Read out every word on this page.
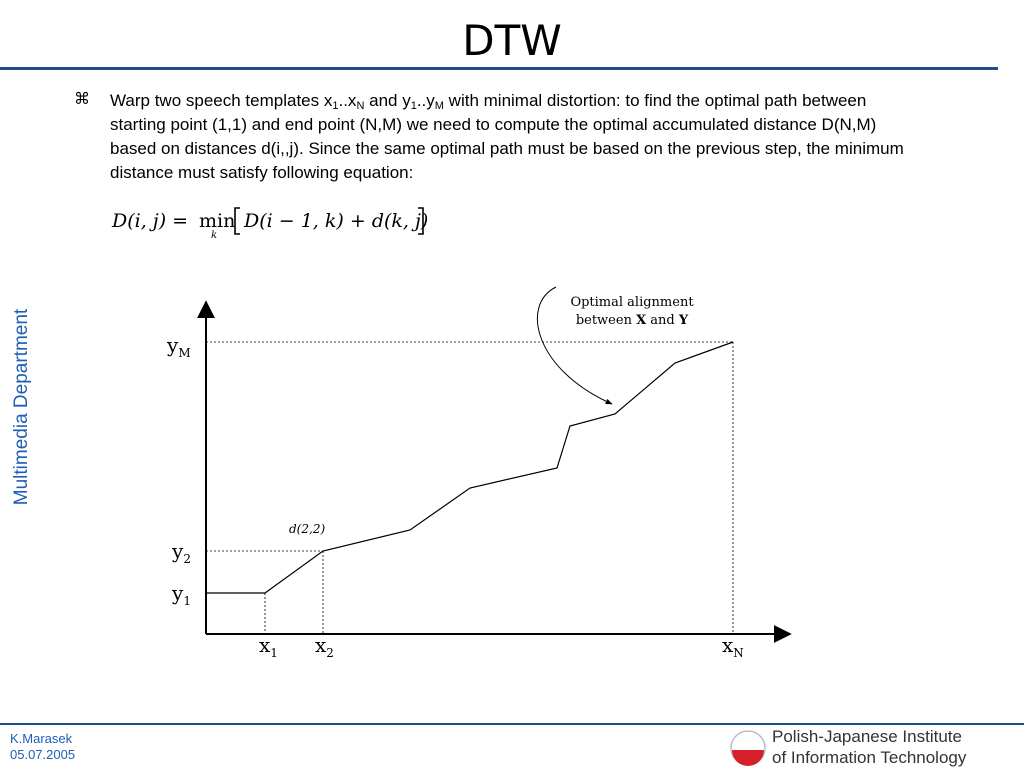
DTW
⌘ Warp two speech templates $x_1..x_N$ and $y_1..y_M$ with minimal distortion: to find the optimal path between starting point (1,1) and end point (N,M) we need to compute the optimal accumulated distance D(N,M) based on distances d(i,,j). Since the same optimal path must be based on the previous step, the minimum distance must satisfy following equation:
D(i, j) = min
k
D(i − 1, k) + d(k, j)
Optimal alignment
between X and Y
d(2,2)
$y_M$
$y_2$
$y_1$
$x_1$ $x_2$	$x_N$
Multimedia Department
K.Marasek
05.07.2005
Polish-Japanese Institute
of Information Technology
